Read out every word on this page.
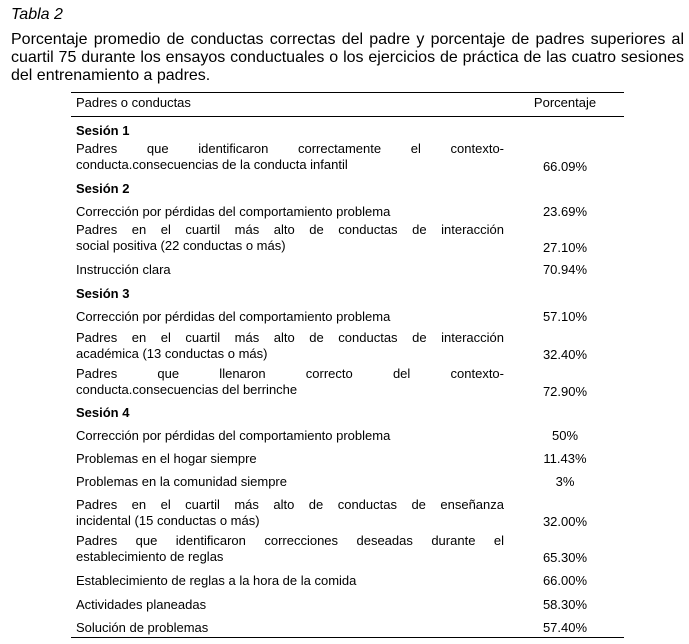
Tabla 2
Porcentaje promedio de conductas correctas del padre y porcentaje de padres superiores al cuartil 75 durante los ensayos conductuales o los ejercicios de práctica de las cuatro sesiones del entrenamiento a padres.
Padres o conductas	Porcentaje
Sesión 1
Padres que identificaron correctamente el contexto-
conducta.consecuencias de la conducta infantil	66.09%
Sesión 2
Corrección por pérdidas del comportamiento problema	23.69%
Padres en el cuartil más alto de conductas de interacción
social positiva (22 conductas o más)	27.10%
Instrucción clara	70.94%
Sesión 3
Corrección por pérdidas del comportamiento problema	57.10%
Padres en el cuartil más alto de conductas de interacción
académica (13 conductas o más)	32.40%
Padres que llenaron correcto del contexto-
conducta.consecuencias del berrinche	72.90%
Sesión 4
Corrección por pérdidas del comportamiento problema	50%
Problemas en el hogar siempre	11.43%
Problemas en la comunidad siempre	3%
Padres en el cuartil más alto de conductas de enseñanza
incidental (15 conductas o más)	32.00%
Padres que identificaron correcciones deseadas durante el
establecimiento de reglas	65.30%
Establecimiento de reglas a la hora de la comida	66.00%
Actividades planeadas	58.30%
Solución de problemas	57.40%
